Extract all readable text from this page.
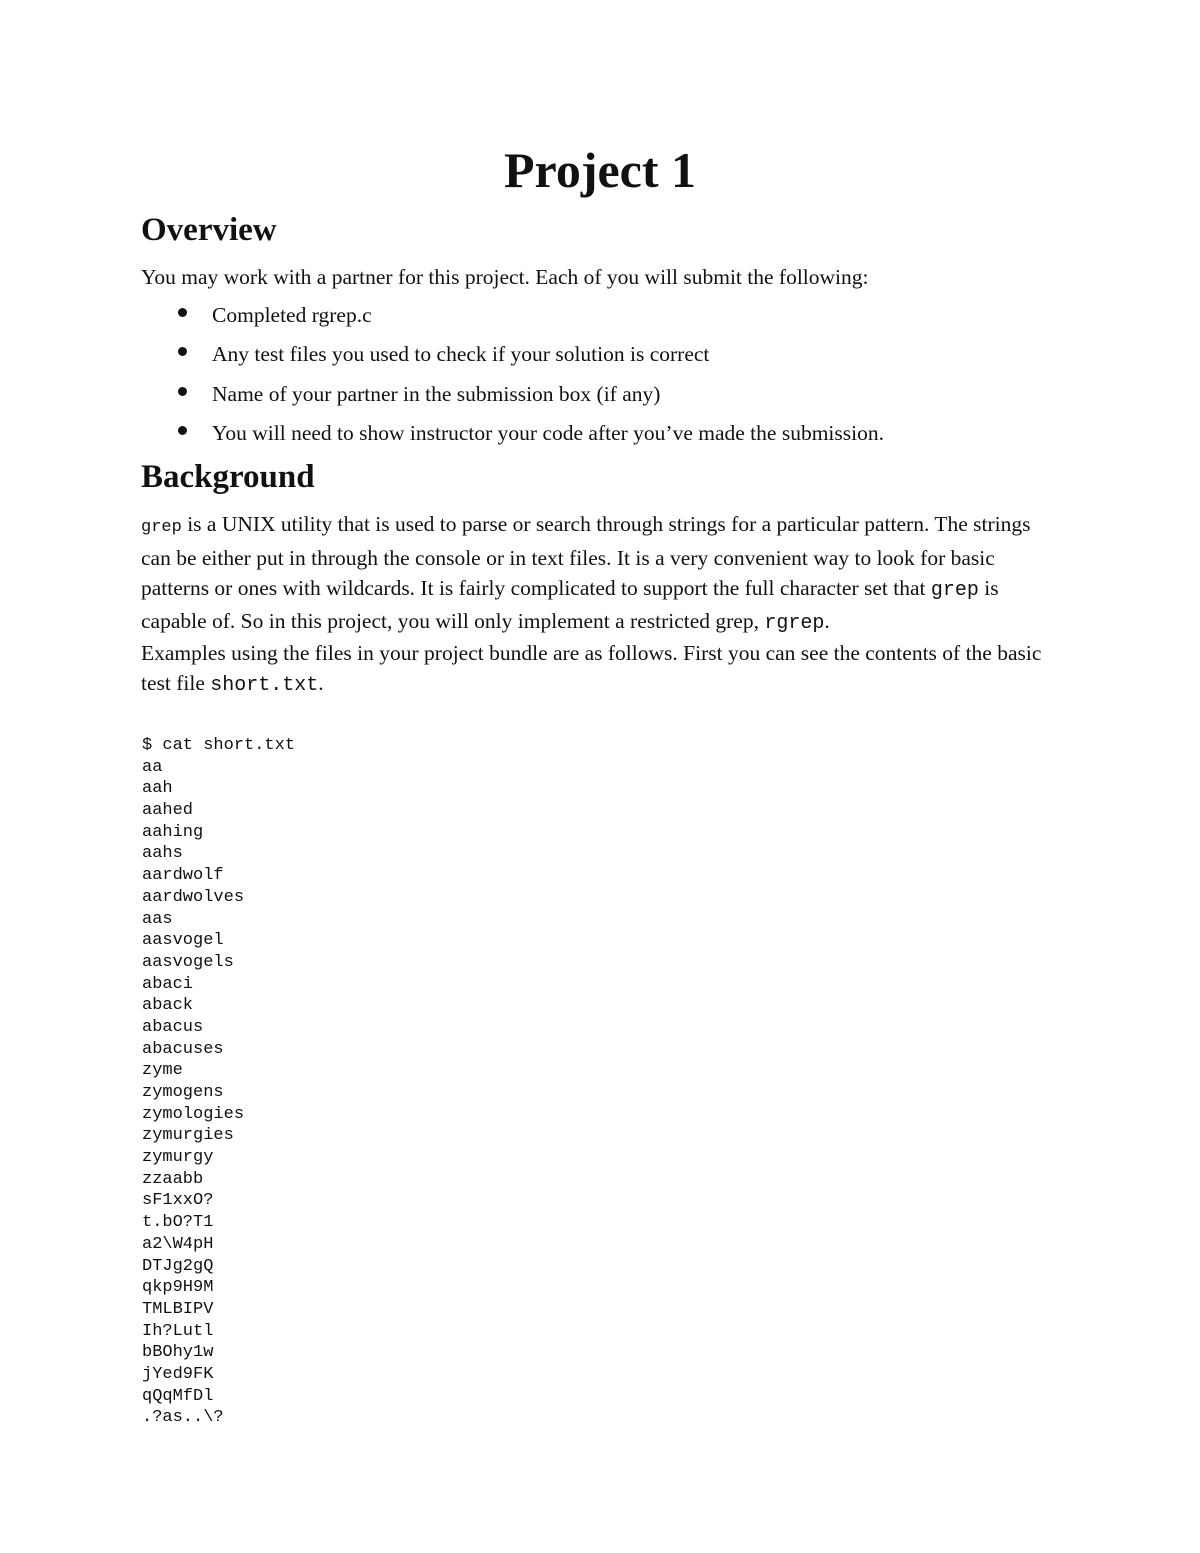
Project 1
Overview

You may work with a partner for this project. Each of you will submit the following:

Completed rgrep.c
Any test files you used to check if your solution is correct
Name of your partner in the submission box (if any)
You will need to show instructor your code after you’ve made the submission.
Background

grep is a UNIX utility that is used to parse or search through strings for a particular pattern. The strings can be either put in through the console or in text files. It is a very convenient way to look for basic patterns or ones with wildcards. It is fairly complicated to support the full character set that grep is capable of. So in this project, you will only implement a restricted grep, rgrep.

Examples using the files in your project bundle are as follows. First you can see the contents of the basic test file short.txt.

$ cat short.txt
aa
aah
aahed
aahing
aahs
aardwolf
aardwolves
aas
aasvogel
aasvogels
abaci
aback
abacus
abacuses
zyme
zymogens
zymologies
zymurgies
zymurgy
zzaabb
sF1xxO?
t.bO?T1
a2\W4pH
DTJg2gQ
qkp9H9M
TMLBIPV
Ih?Lutl
bBOhy1w
jYed9FK
qQqMfDl
.?as..\?
